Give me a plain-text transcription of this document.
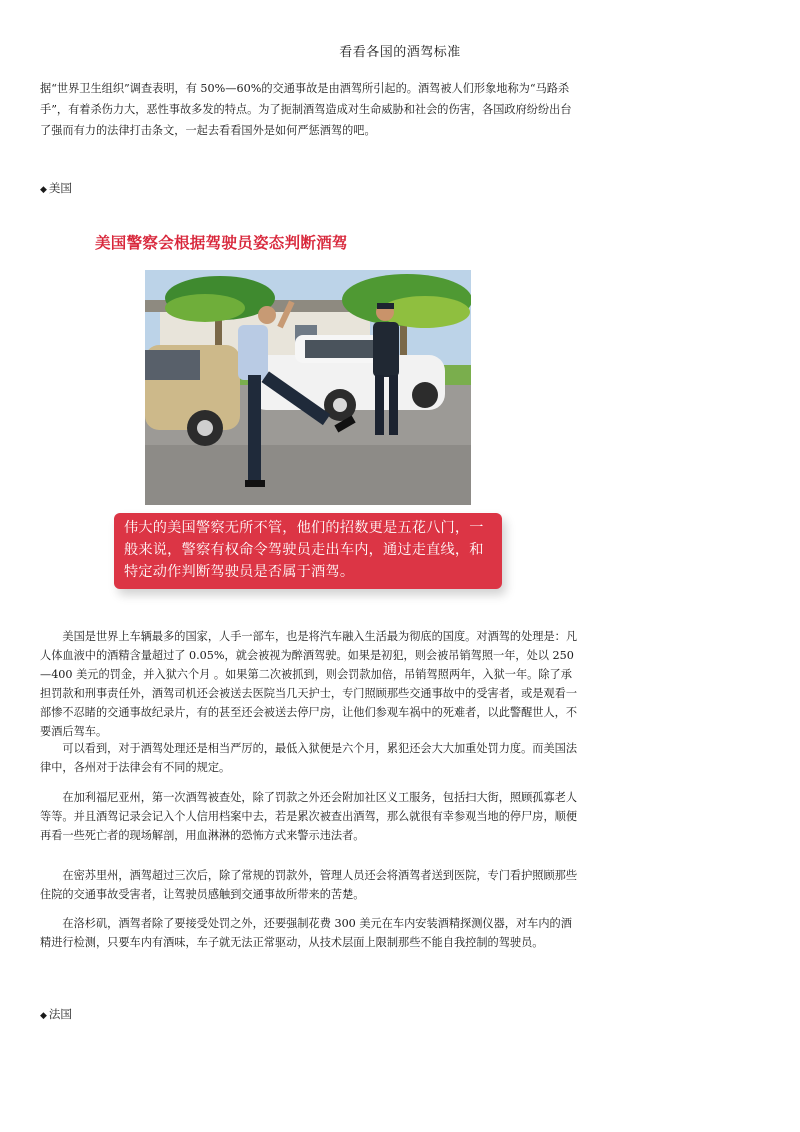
看看各国的酒驾标准

据“世界卫生组织”调查表明，有 50%—60%的交通事故是由酒驾所引起的。酒驾被人们形象地称为“马路杀手”，有着杀伤力大，恶性事故多发的特点。为了扼制酒驾造成对生命威胁和社会的伤害，各国政府纷纷出台了强而有力的法律打击条文，一起去看看国外是如何严惩酒驾的吧。

◆ 美国
美国警察会根据驾驶员姿态判断酒驾
伟大的美国警察无所不管，他们的招数更是五花八门，一般来说，警察有权命令驾驶员走出车内，通过走直线，和特定动作判断驾驶员是否属于酒驾。

美国是世界上车辆最多的国家，人手一部车，也是将汽车融入生活最为彻底的国度。对酒驾的处理是：凡人体血液中的酒精含量超过了 0.05%，就会被视为醉酒驾驶。如果是初犯，则会被吊销驾照一年，处以 250—400 美元的罚金，并入狱六个月 。如果第二次被抓到，则会罚款加倍，吊销驾照两年，入狱一年。除了承担罚款和刑事责任外，酒驾司机还会被送去医院当几天护士，专门照顾那些交通事故中的受害者，或是观看一部惨不忍睹的交通事故纪录片，有的甚至还会被送去停尸房，让他们参观车祸中的死难者，以此警醒世人，不要酒后驾车。

可以看到，对于酒驾处理还是相当严厉的，最低入狱便是六个月，累犯还会大大加重处罚力度。而美国法律中，各州对于法律会有不同的规定。

在加利福尼亚州，第一次酒驾被查处，除了罚款之外还会附加社区义工服务，包括扫大街，照顾孤寡老人等等。并且酒驾记录会记入个人信用档案中去，若是累次被查出酒驾，那么就很有幸参观当地的停尸房，顺便再看一些死亡者的现场解剖，用血淋淋的恐怖方式来警示违法者。

在密苏里州，酒驾超过三次后，除了常规的罚款外，管理人员还会将酒驾者送到医院，专门看护照顾那些住院的交通事故受害者，让驾驶员感触到交通事故所带来的苦楚。

在洛杉矶，酒驾者除了要接受处罚之外，还要强制花费 300 美元在车内安装酒精探测仪器，对车内的酒精进行检测，只要车内有酒味，车子就无法正常驱动，从技术层面上限制那些不能自我控制的驾驶员。

◆ 法国
